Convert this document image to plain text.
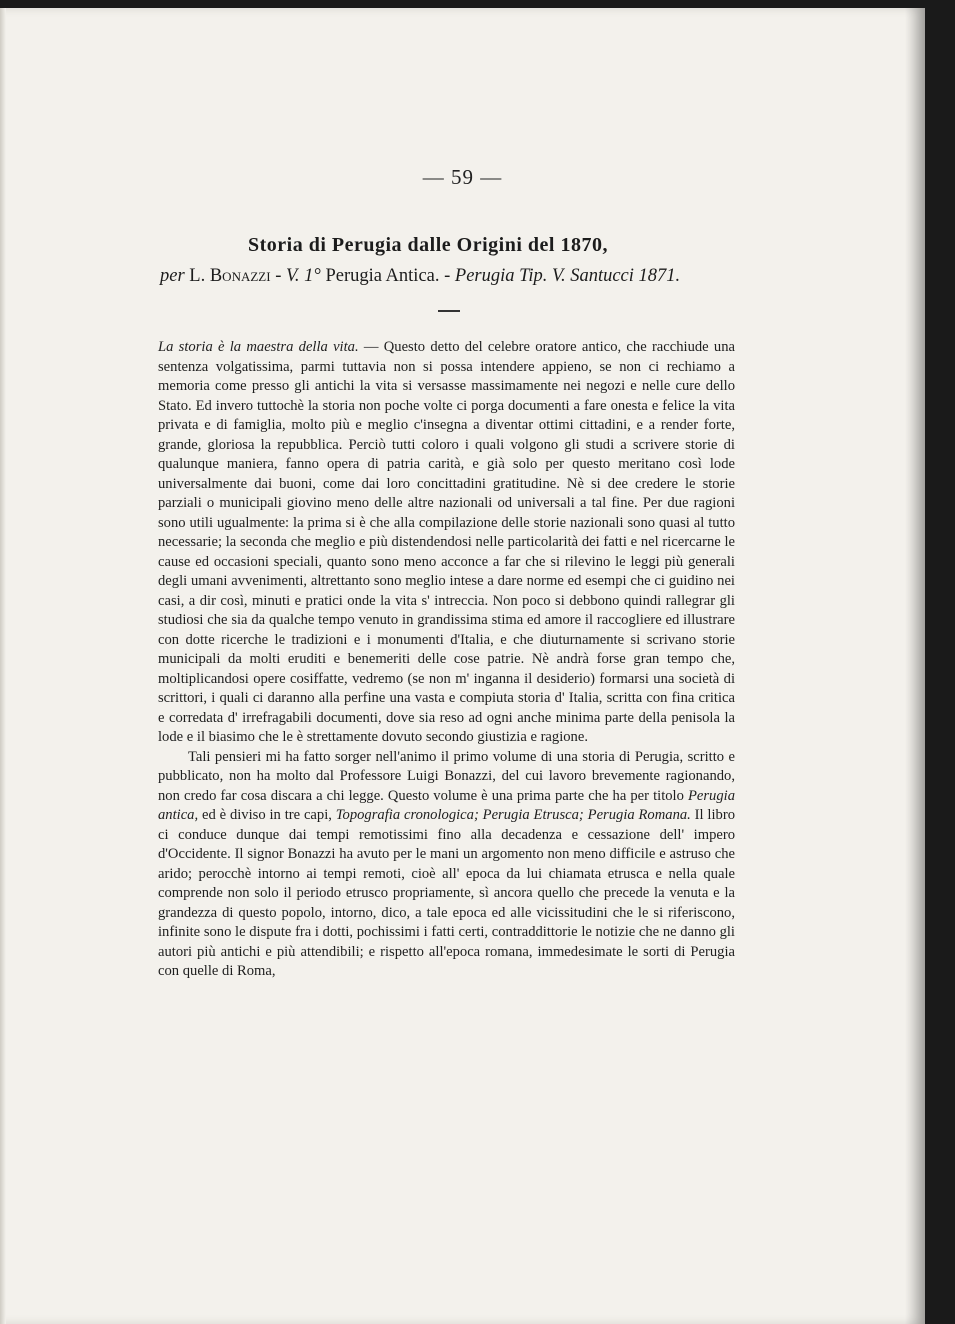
— 59 —
Storia di Perugia dalle Origini del 1870,
per L. Bonazzi - V. 1° Perugia Antica. - Perugia Tip. V. Santucci 1871.

La storia è la maestra della vita. — Questo detto del celebre oratore antico, che racchiude una sentenza volgatissima, parmi tuttavia non si possa intendere appieno, se non ci rechiamo a memoria come presso gli antichi la vita si versasse massimamente nei negozi e nelle cure dello Stato. Ed invero tuttochè la storia non poche volte ci porga documenti a fare onesta e felice la vita privata e di famiglia, molto più e meglio c'insegna a diventar ottimi cittadini, e a render forte, grande, gloriosa la repubblica. Perciò tutti coloro i quali volgono gli studi a scrivere storie di qualunque maniera, fanno opera di patria carità, e già solo per questo meritano così lode universalmente dai buoni, come dai loro concittadini gratitudine. Nè si dee credere le storie parziali o municipali giovino meno delle altre nazionali od universali a tal fine. Per due ragioni sono utili ugualmente: la prima si è che alla compilazione delle storie nazionali sono quasi al tutto necessarie; la seconda che meglio e più distendendosi nelle particolarità dei fatti e nel ricercarne le cause ed occasioni speciali, quanto sono meno acconce a far che si rilevino le leggi più generali degli umani avvenimenti, altrettanto sono meglio intese a dare norme ed esempi che ci guidino nei casi, a dir così, minuti e pratici onde la vita s' intreccia. Non poco si debbono quindi rallegrar gli studiosi che sia da qualche tempo venuto in grandissima stima ed amore il raccogliere ed illustrare con dotte ricerche le tradizioni e i monumenti d'Italia, e che diuturnamente si scrivano storie municipali da molti eruditi e benemeriti delle cose patrie. Nè andrà forse gran tempo che, moltiplicandosi opere cosiffatte, vedremo (se non m' inganna il desiderio) formarsi una società di scrittori, i quali ci daranno alla perfine una vasta e compiuta storia d' Italia, scritta con fina critica e corredata d' irrefragabili documenti, dove sia reso ad ogni anche minima parte della penisola la lode e il biasimo che le è strettamente dovuto secondo giustizia e ragione.

Tali pensieri mi ha fatto sorger nell'animo il primo volume di una storia di Perugia, scritto e pubblicato, non ha molto dal Professore Luigi Bonazzi, del cui lavoro brevemente ragionando, non credo far cosa discara a chi legge. Questo volume è una prima parte che ha per titolo Perugia antica, ed è diviso in tre capi, Topografia cronologica; Perugia Etrusca; Perugia Romana. Il libro ci conduce dunque dai tempi remotissimi fino alla decadenza e cessazione dell' impero d'Occidente. Il signor Bonazzi ha avuto per le mani un argomento non meno difficile e astruso che arido; perocchè intorno ai tempi remoti, cioè all' epoca da lui chiamata etrusca e nella quale comprende non solo il periodo etrusco propriamente, sì ancora quello che precede la venuta e la grandezza di questo popolo, intorno, dico, a tale epoca ed alle vicissitudini che le si riferiscono, infinite sono le dispute fra i dotti, pochissimi i fatti certi, contraddittorie le notizie che ne danno gli autori più antichi e più attendibili; e rispetto all'epoca romana, immedesimate le sorti di Perugia con quelle di Roma,
